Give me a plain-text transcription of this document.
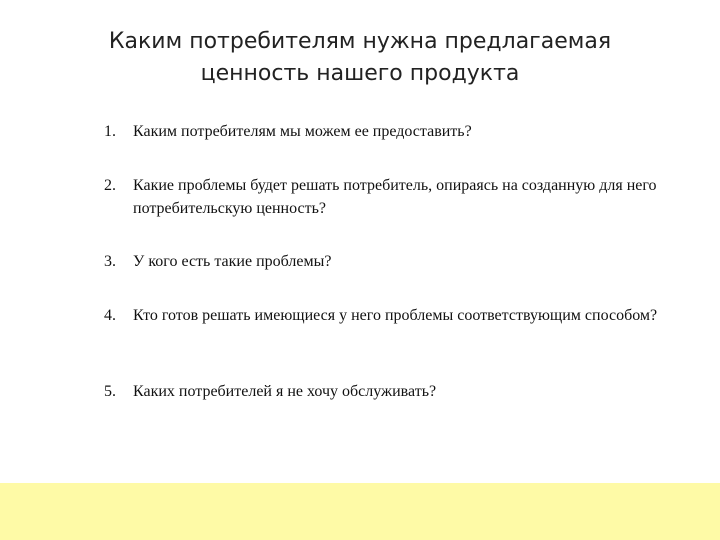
Каким потребителям нужна предлагаемая
ценность нашего продукта
1.	Каким потребителям мы можем ее предоставить?
2.	Какие проблемы будет решать потребитель, опираясь на созданную для него потребительскую ценность?
3.	У кого есть такие проблемы?
4.	Кто готов решать имеющиеся у него проблемы соответствующим способом?
5.	Каких потребителей я не хочу обслуживать?
